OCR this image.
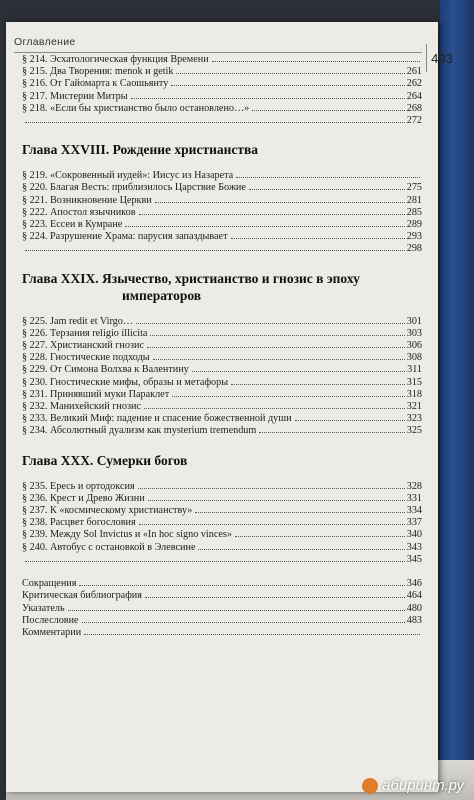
Оглавление
493
§ 214. Эсхатологическая функция Времени
§ 215. Два Творения: menok и getik	261
§ 216. От Гайомарта к Саошьянту	262
§ 217. Мистерии Митры	264
§ 218. «Если бы христианство было остановлено…»	268
272
Глава XXVIII. Рождение христианства
§ 219. «Сокровенный иудей»: Иисус из Назарета
§ 220. Благая Весть: приблизилось Царствие Божие	275
§ 221. Возникновение Церкви	281
§ 222. Апостол язычников	285
§ 223. Ессеи в Кумране	289
§ 224. Разрушение Храма: парусия запаздывает	293
298
Глава XXIX. Язычество, христианство и гнозис в эпоху
императоров
§ 225. Jam redit et Virgo…	301
§ 226. Терзания religio illicita	303
§ 227. Христианский гнозис	306
§ 228. Гностические подходы	308
§ 229. От Симона Волхва к Валентину	311
§ 230. Гностические мифы, образы и метафоры	315
§ 231. Принявший муки Параклет	318
§ 232. Манихейский гнозис	321
§ 233. Великий Миф: падение и спасение божественной души	323
§ 234. Абсолютный дуализм как mysterium tremendum	325
Глава XXX. Сумерки богов
§ 235. Ересь и ортодоксия	328
§ 236. Крест и Древо Жизни	331
§ 237. К «космическому христианству»	334
§ 238. Расцвет богословия	337
§ 239. Между Sol Invictus и «In hoc signo vinces»	340
§ 240. Автобус с остановкой в Элевсине	343
345
Сокращения	346
Критическая библиография	464
Указатель	480
Послесловие	483
Комментарии
абиринт.ру
